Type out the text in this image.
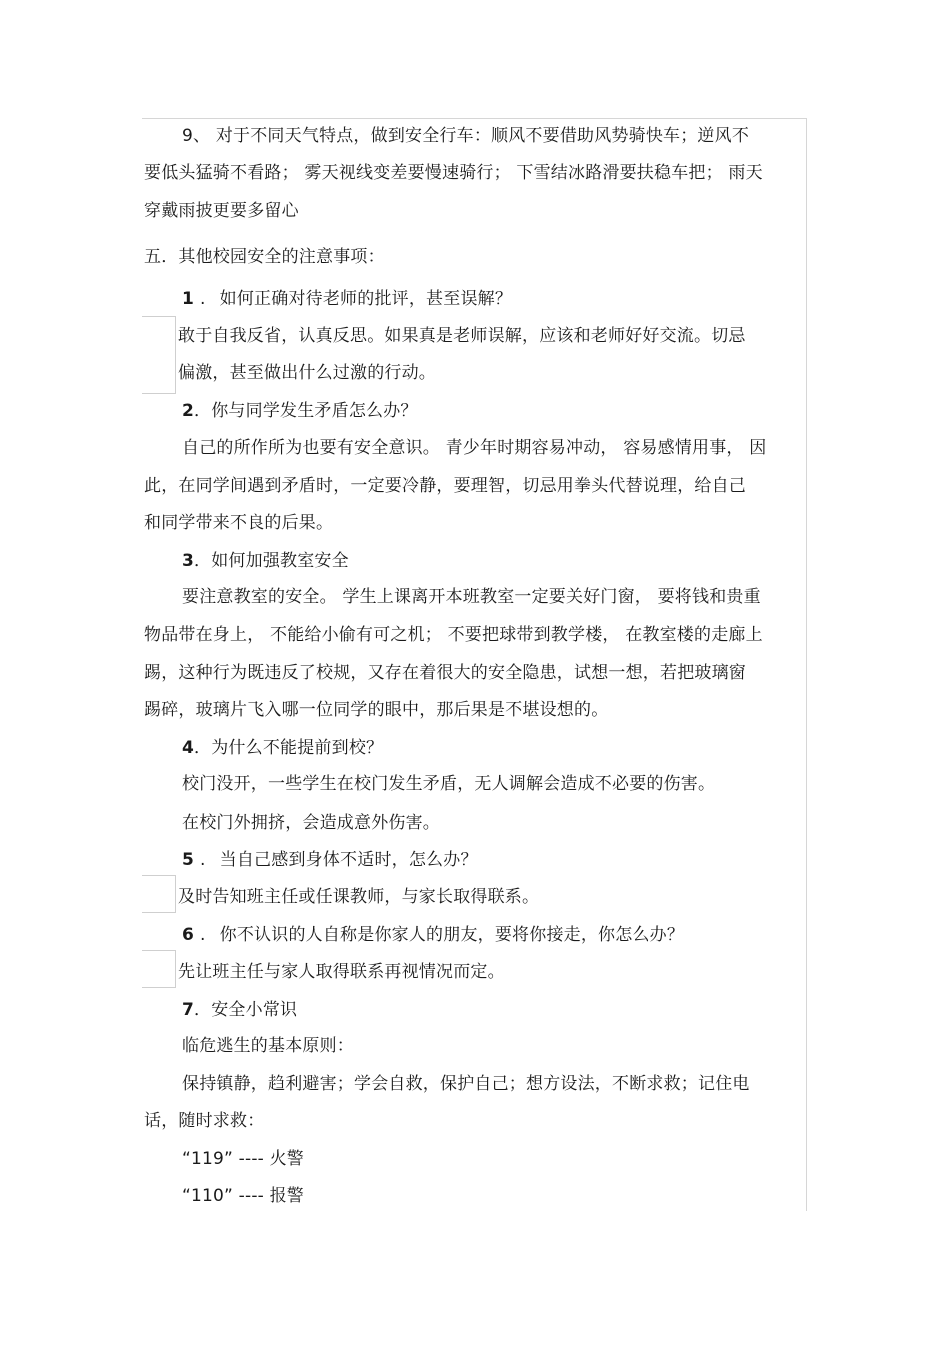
9、 对于不同天气特点，做到安全行车：顺风不要借助风势骑快车；逆风不
要低头猛骑不看路； 雾天视线变差要慢速骑行； 下雪结冰路滑要扶稳车把； 雨天
穿戴雨披更要多留心
五．其他校园安全的注意事项：
1 . 如何正确对待老师的批评，甚至误解？
敢于自我反省，认真反思。如果真是老师误解，应该和老师好好交流。切忌
偏激，甚至做出什么过激的行动。
2．你与同学发生矛盾怎么办？
自己的所作所为也要有安全意识。 青少年时期容易冲动， 容易感情用事， 因
此，在同学间遇到矛盾时，一定要冷静，要理智，切忌用拳头代替说理，给自己
和同学带来不良的后果。
3．如何加强教室安全
要注意教室的安全。 学生上课离开本班教室一定要关好门窗， 要将钱和贵重
物品带在身上， 不能给小偷有可之机； 不要把球带到教学楼， 在教室楼的走廊上
踢，这种行为既违反了校规，又存在着很大的安全隐患，试想一想，若把玻璃窗
踢碎，玻璃片飞入哪一位同学的眼中，那后果是不堪设想的。
4．为什么不能提前到校？
校门没开，一些学生在校门发生矛盾，无人调解会造成不必要的伤害。
在校门外拥挤，会造成意外伤害。
5 . 当自己感到身体不适时，怎么办？
及时告知班主任或任课教师，与家长取得联系。
6 . 你不认识的人自称是你家人的朋友，要将你接走，你怎么办？
先让班主任与家人取得联系再视情况而定。
7．安全小常识
临危逃生的基本原则：
保持镇静，趋利避害；学会自救，保护自己；想方设法，不断求救；记住电
话，随时求救：
“119” ---- 火警
“110” ---- 报警
